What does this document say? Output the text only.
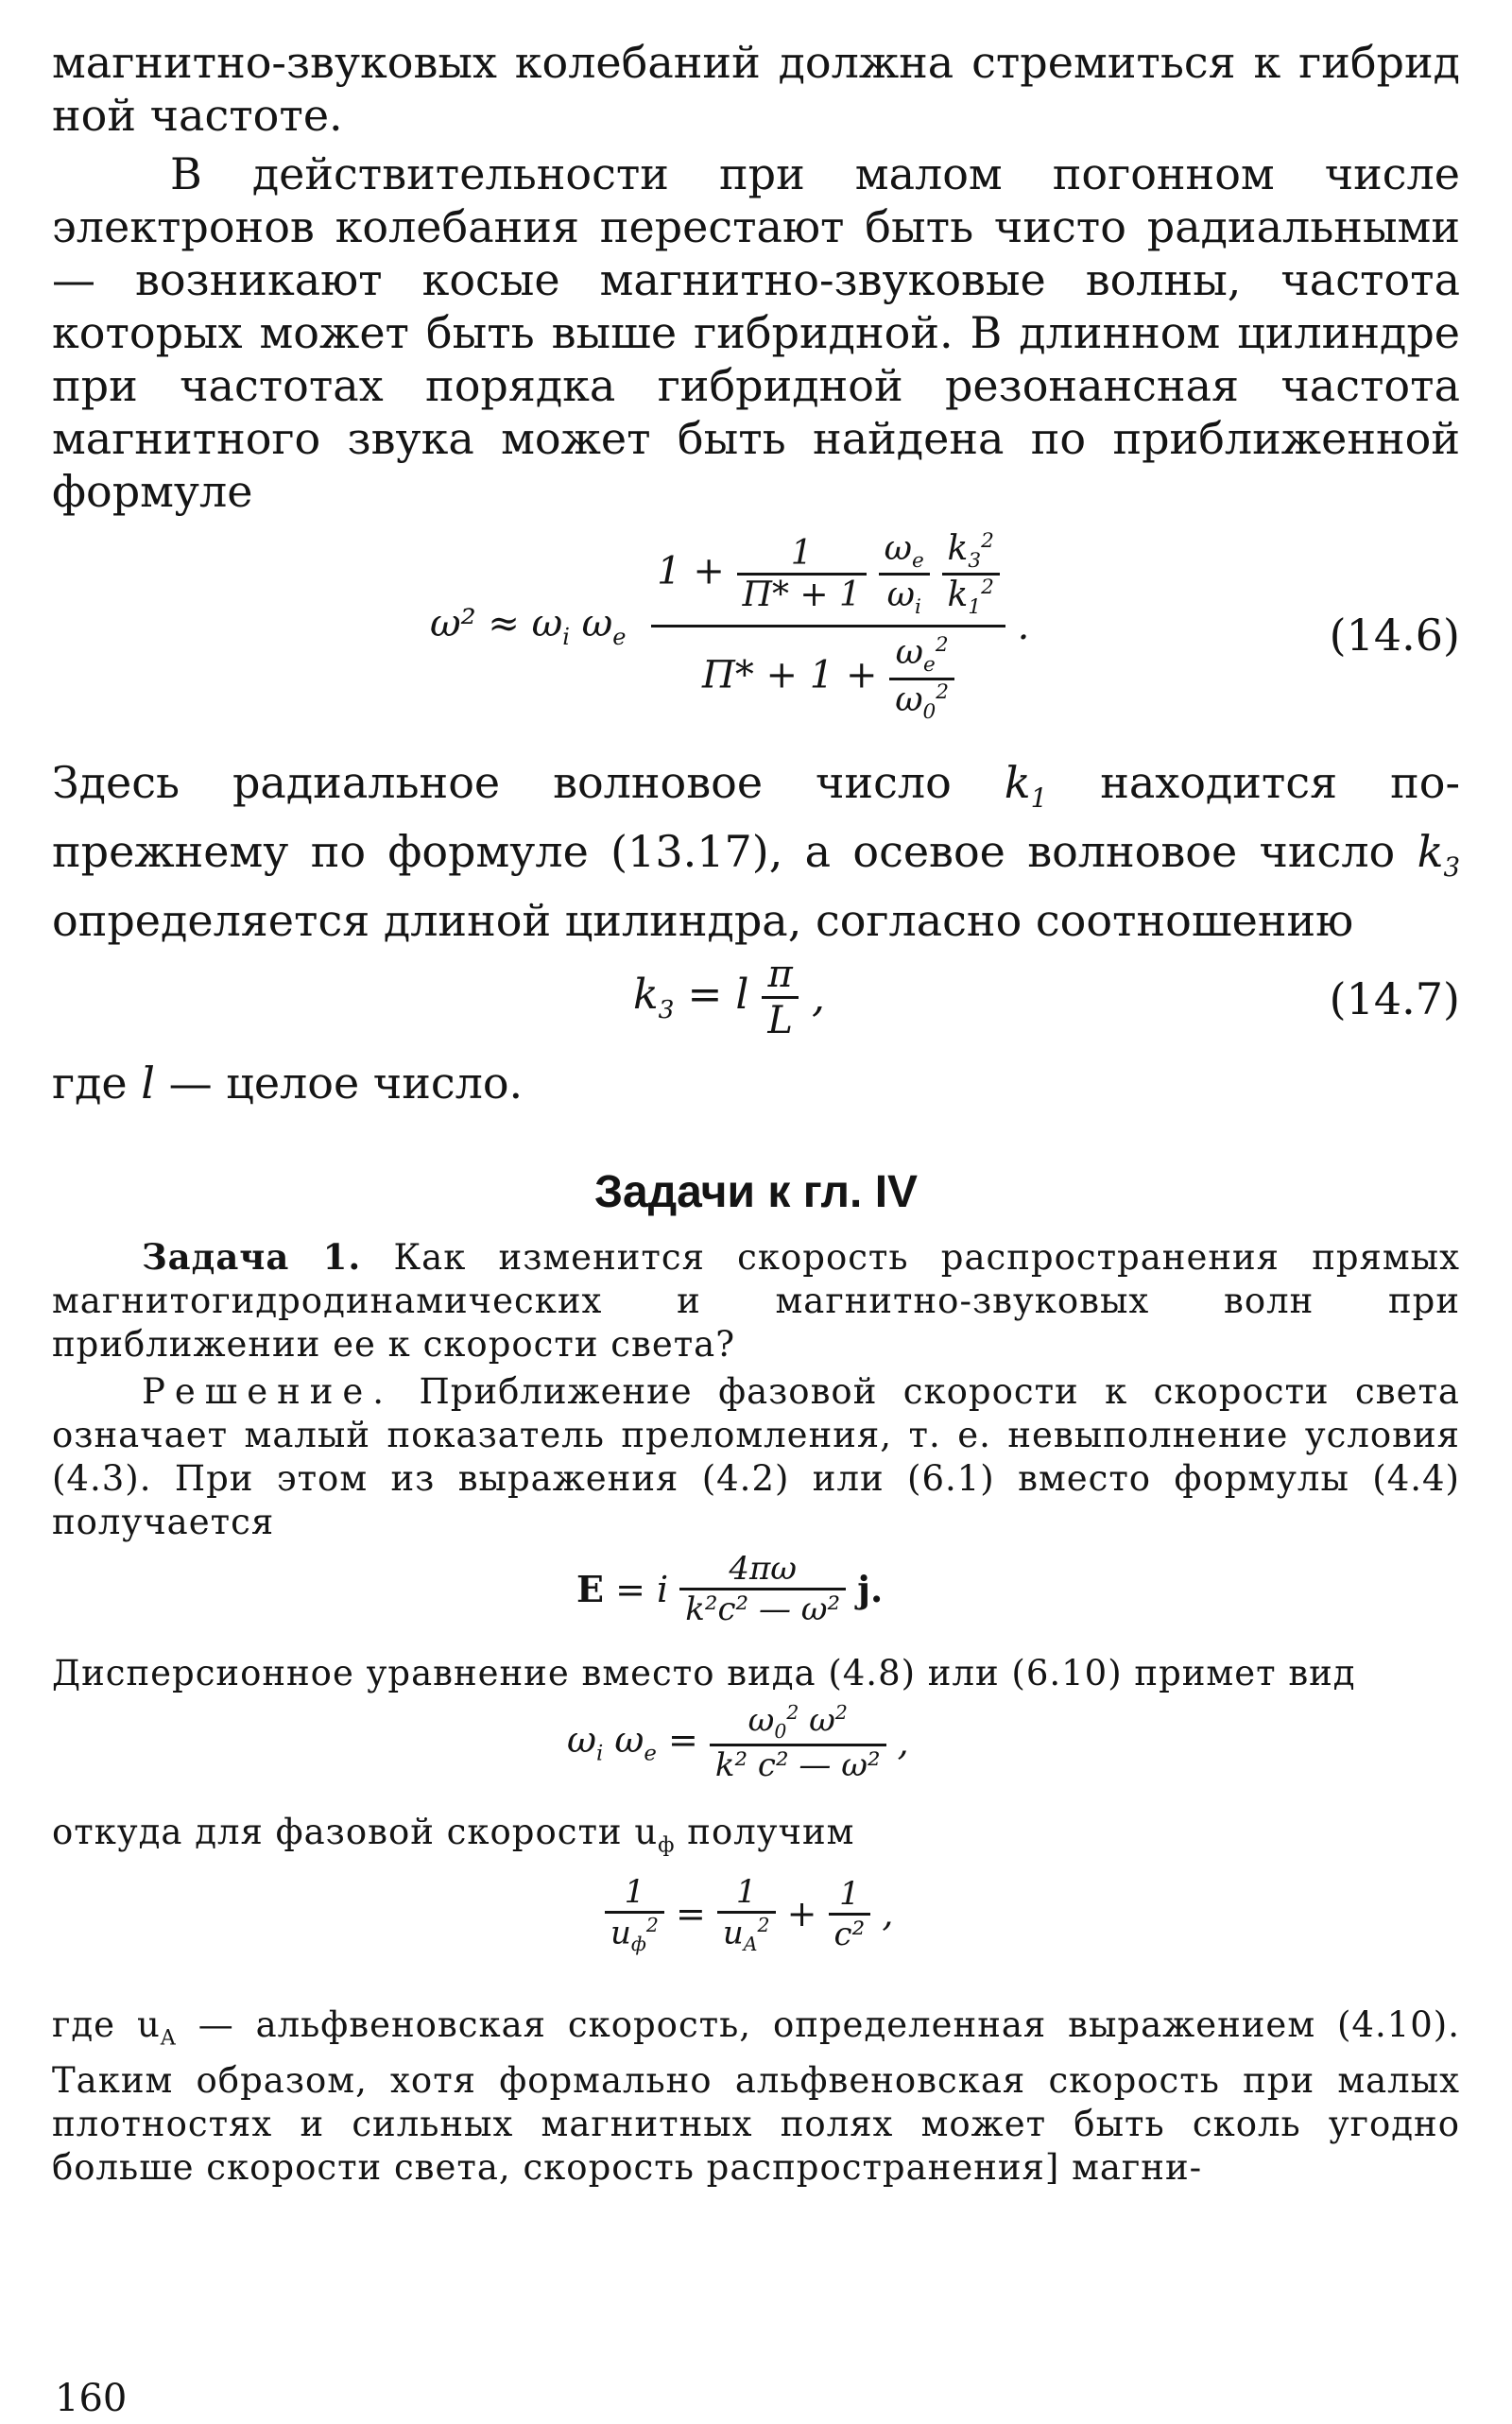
магнитно-звуковых колебаний должна стремиться к гибрид ной частоте.

В действительности при малом погонном числе электронов колебания перестают быть чисто радиальными — возникают косые магнитно-звуковые волны, частота которых может быть выше гибридной. В длинном цилиндре при частотах порядка гибридной резонансная частота магнитного звука может быть найдена по приближенной формуле

$\omega^2 \approx \omega_i$ $\omega_e$
$1 + \frac{1}{П* + 1}$
$\frac{\omega_e}{\omega_i}$
$\frac{k_3^2}{k_1^2}$
$П* + 1 + \frac{\omega_e^2}{\omega_0^2}$
.	(14.6)

Здесь радиальное волновое число $k_1$ находится по-прежнему по формуле (13.17), а осевое волновое число $k_3$ определяется длиной цилиндра, согласно соотношению

$k_3 = l \frac{\pi}{L}$ ,	(14.7)

где l — целое число.

Задачи к гл. IV

Задача 1. Как изменится скорость распространения прямых магнитогидродинамических и магнитно-звуковых волн при приближении ее к скорости света?

Решение. Приближение фазовой скорости к скорости света означает малый показатель преломления, т. е. невыполнение условия (4.3). При этом из выражения (4.2) или (6.1) вместо формулы (4.4) получается

E = i $\frac{4\pi\omega}{\text{k²c² — ω²}} j$.

Дисперсионное уравнение вместо вида (4.8) или (6.10) примет вид

$\omega_i$ $\omega_e = \frac{\omega_0^2 \omega^2}{\text{k² c² — ω²}}$ ,

откуда для фазовой скорости $u_ф$ получим

$\frac{1}{u_ф^2} = \frac{1}{u_A^2} + \frac{1}{\text{c²}}$ ,

где $u_A$ — альфвеновская скорость, определенная выражением (4.10). Таким образом, хотя формально альфвеновская скорость при малых плотностях и сильных магнитных полях может быть сколь угодно больше скорости света, скорость распространения] магни-

160
